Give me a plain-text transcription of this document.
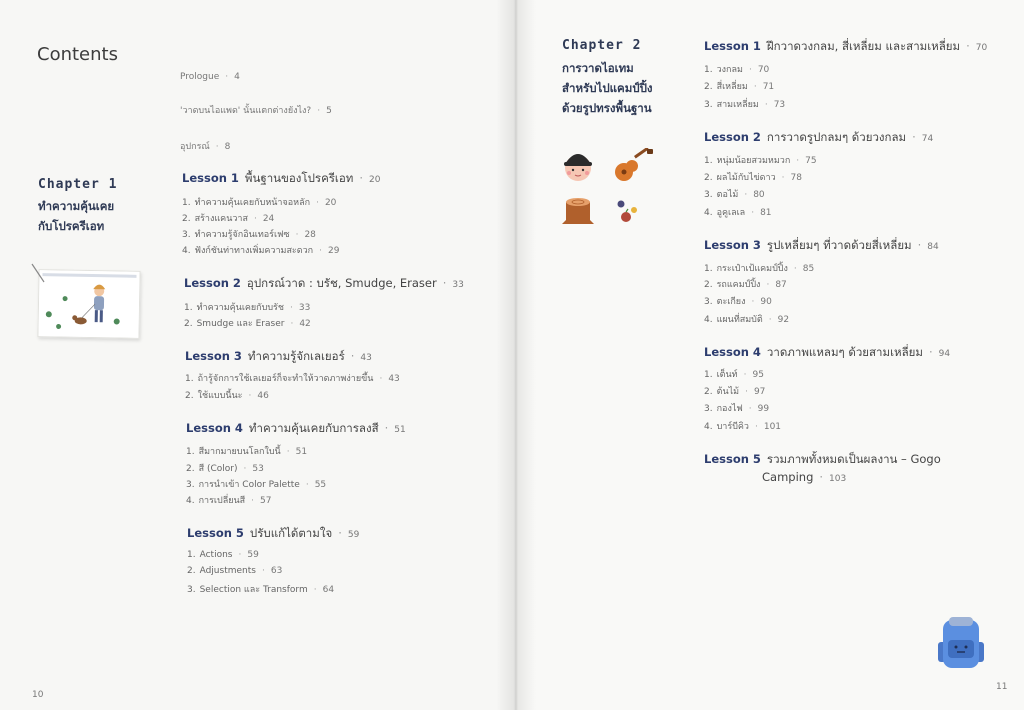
Contents
Prologue · 4
'วาดบนไอแพด' นั้นแตกต่างยังไง? · 5
อุปกรณ์ · 8
Chapter 1
ทำความคุ้นเคย
กับโปรครีเอท
Lesson 1 พื้นฐานของโปรครีเอท · 20
1. ทำความคุ้นเคยกับหน้าจอหลัก · 20
2. สร้างแคนวาส · 24
3. ทำความรู้จักอินเทอร์เฟซ · 28
4. ฟังก์ชันท่าทางเพิ่มความสะดวก · 29
Lesson 2 อุปกรณ์วาด : บรัช, Smudge, Eraser · 33
1. ทำความคุ้นเคยกับบรัช · 33
2. Smudge และ Eraser · 42
Lesson 3 ทำความรู้จักเลเยอร์ · 43
1. ถ้ารู้จักการใช้เลเยอร์ก็จะทำให้วาดภาพง่ายขึ้น · 43
2. ใช้แบบนี้นะ · 46
Lesson 4 ทำความคุ้นเคยกับการลงสี · 51
1. สีมากมายบนโลกใบนี้ · 51
2. สี (Color) · 53
3. การนำเข้า Color Palette · 55
4. การเปลี่ยนสี · 57
Lesson 5 ปรับแก้ได้ตามใจ · 59
1. Actions · 59
2. Adjustments · 63
3. Selection และ Transform · 64
10
Chapter 2
การวาดไอเทม
สำหรับไปแคมป์ปิ้ง
ด้วยรูปทรงพื้นฐาน
Lesson 1 ฝึกวาดวงกลม, สี่เหลี่ยม และสามเหลี่ยม · 70
1. วงกลม · 70
2. สี่เหลี่ยม · 71
3. สามเหลี่ยม · 73
Lesson 2 การวาดรูปกลมๆ ด้วยวงกลม · 74
1. หนุ่มน้อยสวมหมวก · 75
2. ผลไม้กับไข่ดาว · 78
3. ตอไม้ · 80
4. อูคูเลเล · 81
Lesson 3 รูปเหลี่ยมๆ ที่วาดด้วยสี่เหลี่ยม · 84
1. กระเป๋าเป้แคมป์ปิ้ง · 85
2. รถแคมป์ปิ้ง · 87
3. ตะเกียง · 90
4. แผนที่สมบัติ · 92
Lesson 4 วาดภาพแหลมๆ ด้วยสามเหลี่ยม · 94
1. เต็นท์ · 95
2. ต้นไม้ · 97
3. กองไฟ · 99
4. บาร์บีคิว · 101
Lesson 5 รวมภาพทั้งหมดเป็นผลงาน – Gogo
Camping · 103
11
